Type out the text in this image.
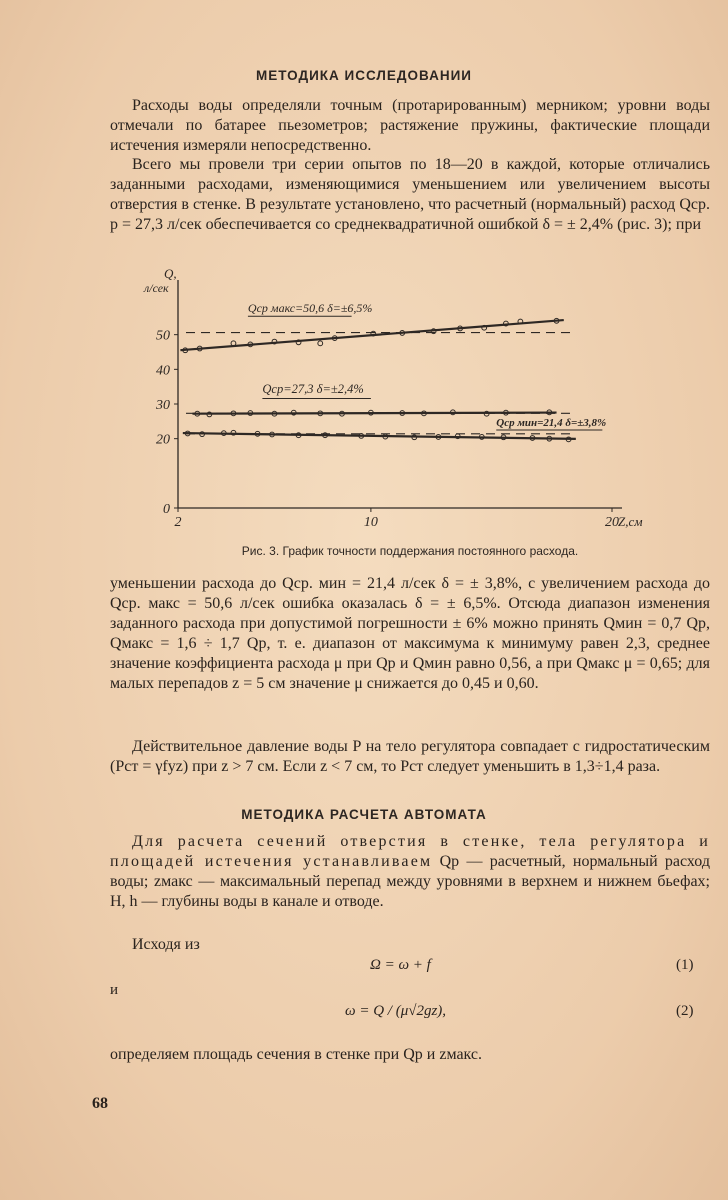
МЕТОДИКА ИССЛЕДОВАНИИ
Расходы воды определяли точным (протарированным) мерником; уровни воды отмечали по батарее пьезометров; растяжение пружины, фактические площади истечения измеряли непосредственно.
Всего мы провели три серии опытов по 18—20 в каждой, которые отличались заданными расходами, изменяющимися уменьшением или увеличением высоты отверстия в стенке. В результате установлено, что расчетный (нормальный) расход Qср. р = 27,3 л/сек обеспечивается со среднеквадратичной ошибкой δ = ± 2,4% (рис. 3); при
0
20
30
40
50
2	10	20
Q,
л/сек
Z,см
Qср макс=50,6 δ=±6,5%
Qср=27,3 δ=±2,4%
Qср мин=21,4 δ=±3,8%
Рис. 3. График точности поддержания постоянного расхода.
уменьшении расхода до Qср. мин = 21,4 л/сек δ = ± 3,8%, с увеличением расхода до Qср. макс = 50,6 л/сек ошибка оказалась δ = ± 6,5%. Отсюда диапазон изменения заданного расхода при допустимой погрешности ± 6% можно принять Qмин = 0,7 Qр, Qмакс = 1,6 ÷ 1,7 Qр, т. е. диапазон от максимума к минимуму равен 2,3, среднее значение коэффициента расхода μ при Qр и Qмин равно 0,56, а при Qмакс μ = 0,65; для малых перепадов z = 5 см значение μ снижается до 0,45 и 0,60.
Действительное давление воды P на тело регулятора совпадает с гидростатическим (Pст = γfуz) при z > 7 см. Если z < 7 см, то Pст следует уменьшить в 1,3÷1,4 раза.
МЕТОДИКА РАСЧЕТА АВТОМАТА
Для расчета сечений отверстия в стенке, тела регулятора и площадей истечения устанавливаем Qр — расчетный, нормальный расход воды; zмакс — максимальный перепад между уровнями в верхнем и нижнем бьефах; H, h — глубины воды в канале и отводе.
Исходя из
Ω = ω + f	(1)
и
ω = Q / (μ√2gz),	(2)
определяем площадь сечения в стенке при Qр и zмакс.
68
